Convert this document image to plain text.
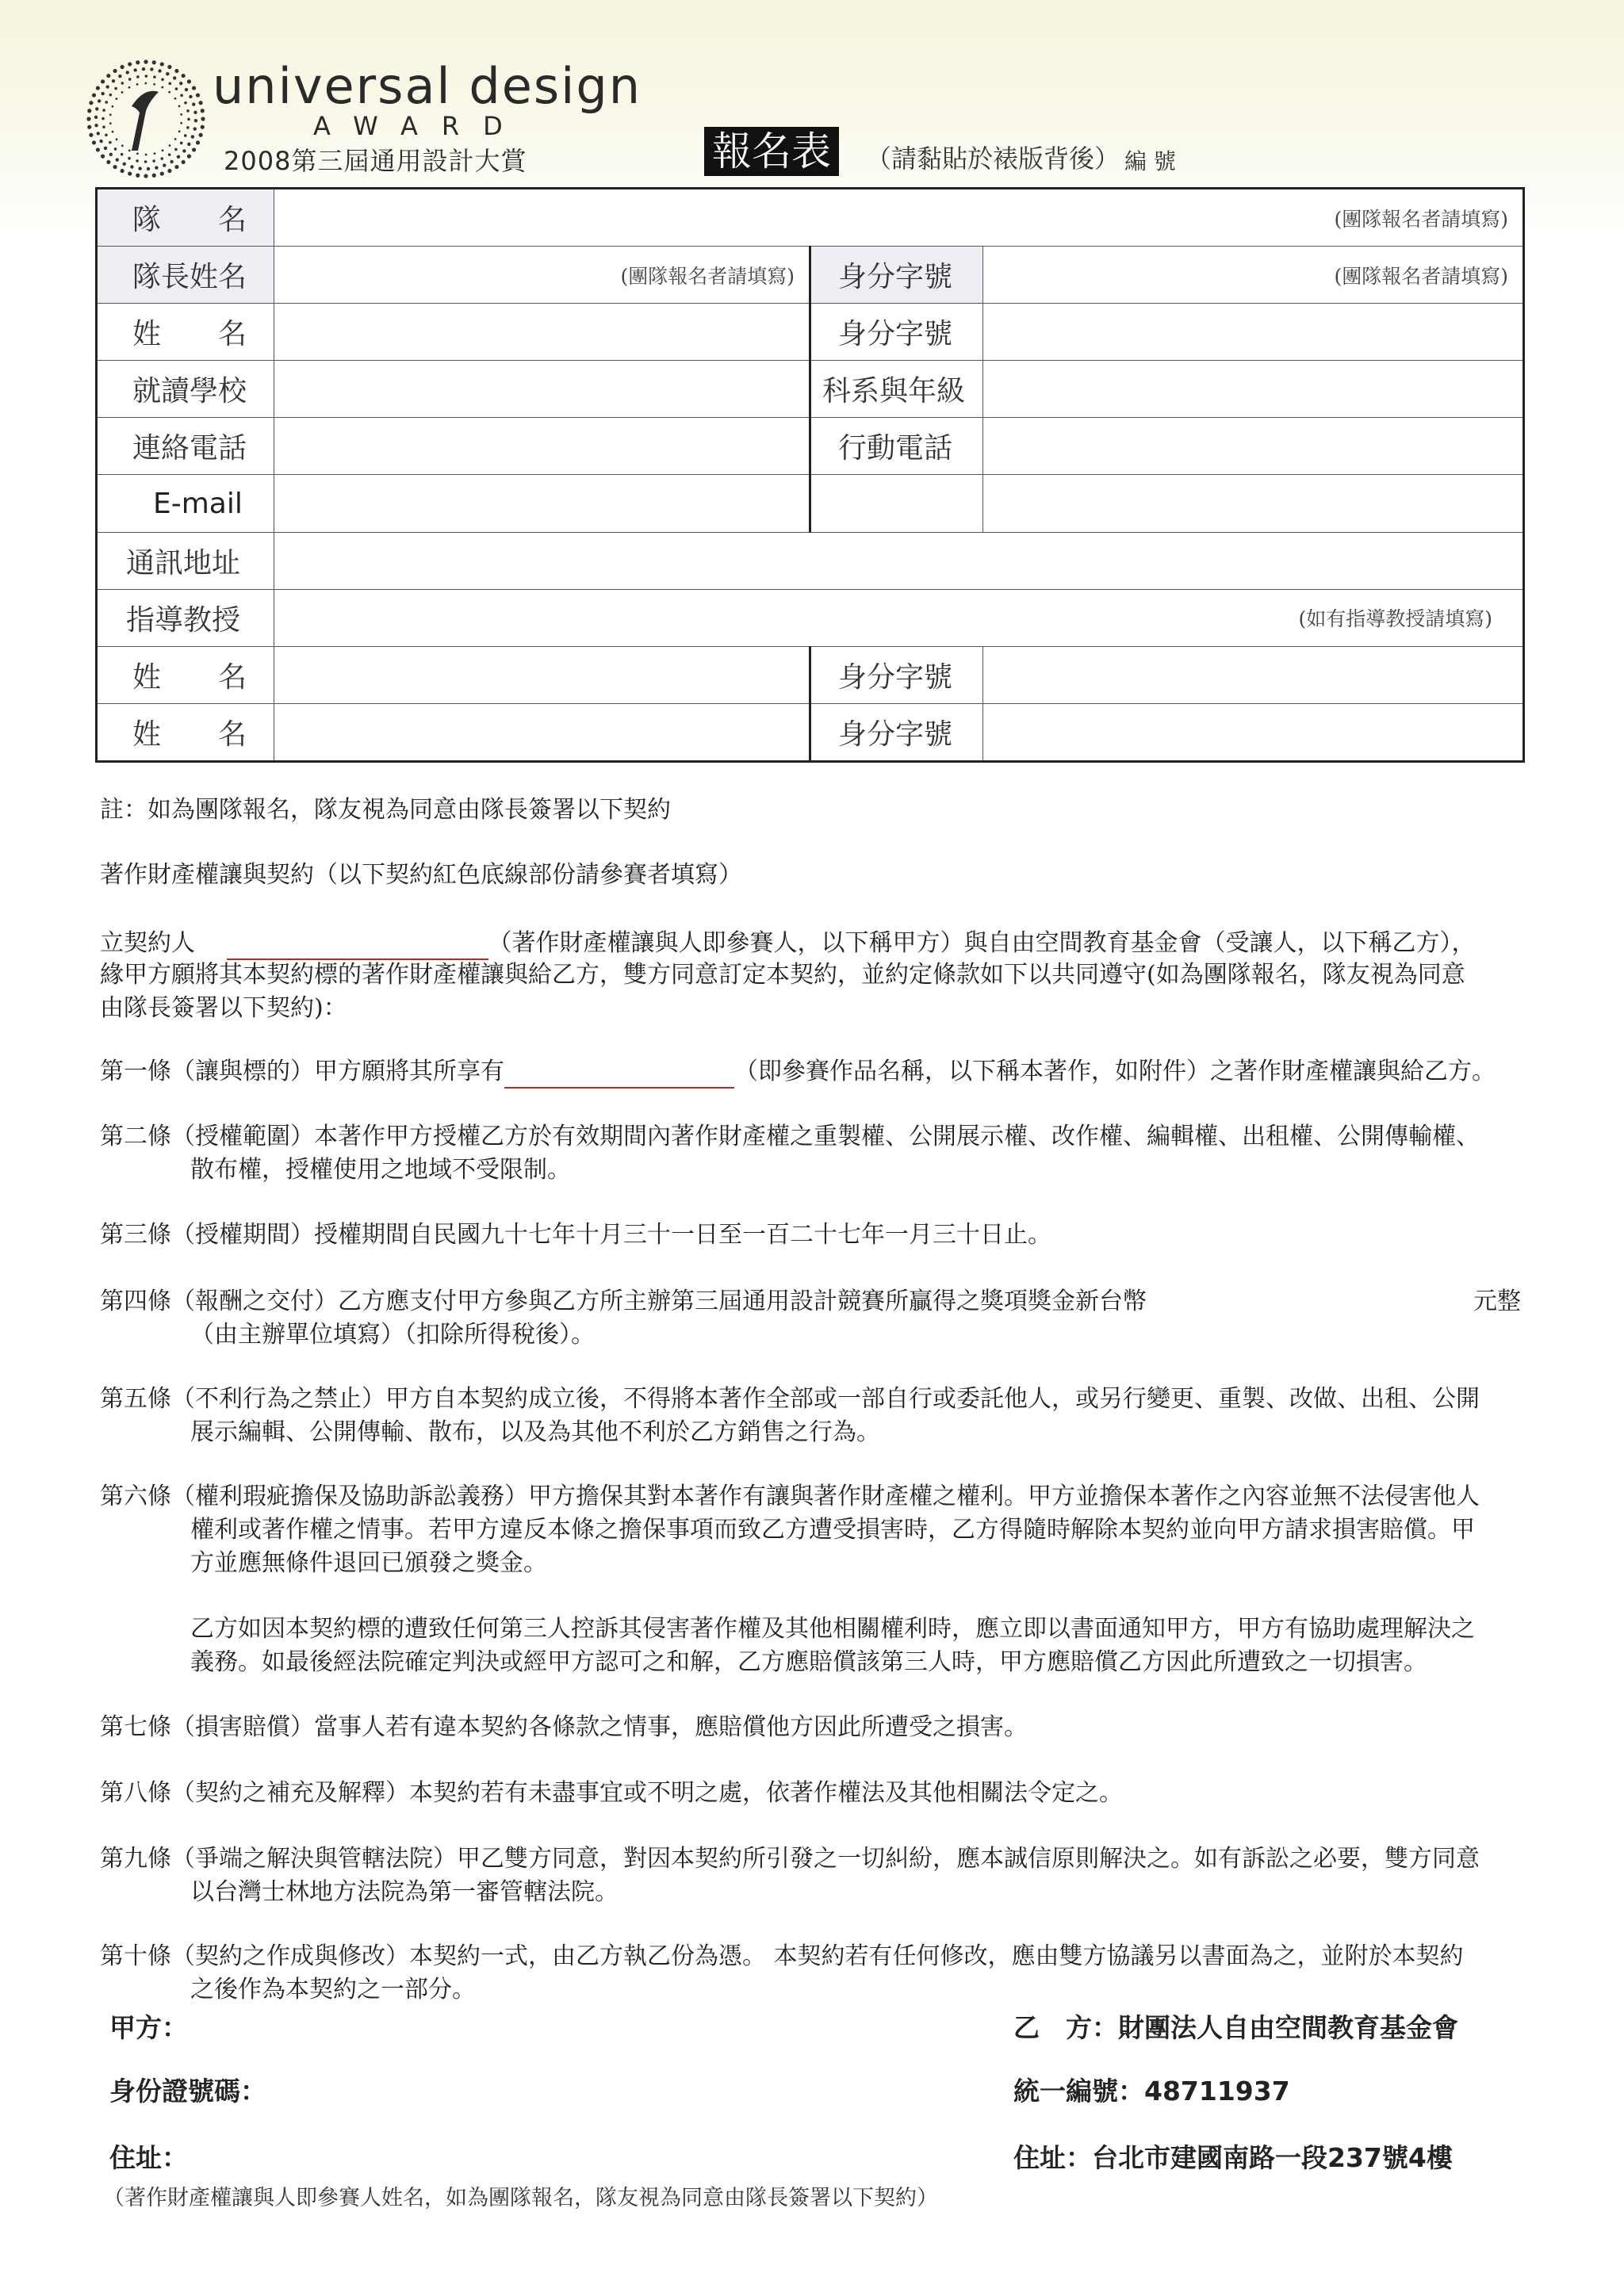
universal design
AWARD
2008第三屆通用設計大賞	報名表	（請黏貼於裱版背後） 編 號
隊　　名	(團隊報名者請填寫)		

隊長姓名	(團隊報名者請填寫)	身分字號	(團隊報名者請填寫)

姓　　名		身分字號	
就讀學校		科系與年級	
連絡電話		行動電話	
E-mail			
通訊地址			
指導教授	(如有指導教授請填寫)		

姓　　名		身分字號	
姓　　名		身分字號	
註：如為團隊報名，隊友視為同意由隊長簽署以下契約
著作財產權讓與契約（以下契約紅色底線部份請參賽者填寫）
立契約人	（著作財產權讓與人即參賽人，以下稱甲方）與自由空間教育基金會（受讓人，以下稱乙方），
緣甲方願將其本契約標的著作財產權讓與給乙方，雙方同意訂定本契約，並約定條款如下以共同遵守(如為團隊報名，隊友視為同意
由隊長簽署以下契約)：
第一條（讓與標的）甲方願將其所享有	（即參賽作品名稱，以下稱本著作，如附件）之著作財產權讓與給乙方。
第二條（授權範圍）本著作甲方授權乙方於有效期間內著作財產權之重製權、公開展示權、改作權、編輯權、出租權、公開傳輸權、
散布權，授權使用之地域不受限制。
第三條（授權期間）授權期間自民國九十七年十月三十一日至一百二十七年一月三十日止。
第四條（報酬之交付）乙方應支付甲方參與乙方所主辦第三屆通用設計競賽所贏得之獎項獎金新台幣	元整
（由主辦單位填寫）（扣除所得稅後）。
第五條（不利行為之禁止）甲方自本契約成立後，不得將本著作全部或一部自行或委託他人，或另行變更、重製、改做、出租、公開
展示編輯、公開傳輸、散布，以及為其他不利於乙方銷售之行為。
第六條（權利瑕疵擔保及協助訴訟義務）甲方擔保其對本著作有讓與著作財產權之權利。甲方並擔保本著作之內容並無不法侵害他人
權利或著作權之情事。若甲方違反本條之擔保事項而致乙方遭受損害時，乙方得隨時解除本契約並向甲方請求損害賠償。甲
方並應無條件退回已頒發之獎金。
乙方如因本契約標的遭致任何第三人控訴其侵害著作權及其他相關權利時，應立即以書面通知甲方，甲方有協助處理解決之
義務。如最後經法院確定判決或經甲方認可之和解，乙方應賠償該第三人時，甲方應賠償乙方因此所遭致之一切損害。
第七條（損害賠償）當事人若有違本契約各條款之情事，應賠償他方因此所遭受之損害。
第八條（契約之補充及解釋）本契約若有未盡事宜或不明之處，依著作權法及其他相關法令定之。
第九條（爭端之解決與管轄法院）甲乙雙方同意，對因本契約所引發之一切糾紛，應本誠信原則解決之。如有訴訟之必要，雙方同意
以台灣士林地方法院為第一審管轄法院。
第十條（契約之作成與修改）本契約一式，由乙方執乙份為憑。 本契約若有任何修改，應由雙方協議另以書面為之，並附於本契約
之後作為本契約之一部分。
甲方：
身份證號碼：
住址：
乙　方：財團法人自由空間教育基金會
統一編號：48711937
住址：台北市建國南路一段237號4樓
（著作財產權讓與人即參賽人姓名，如為團隊報名，隊友視為同意由隊長簽署以下契約）
